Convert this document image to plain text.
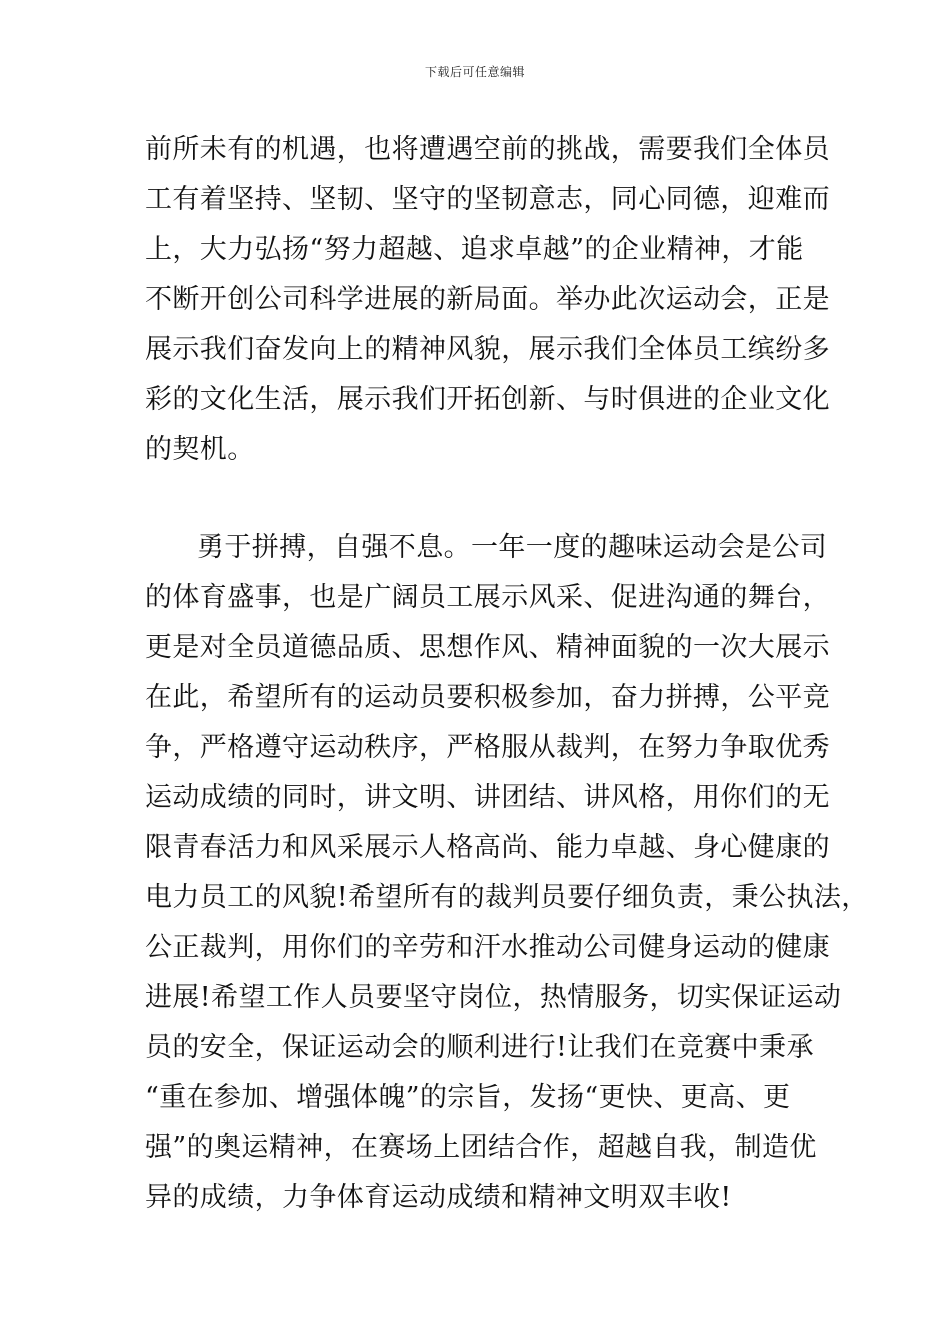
下载后可任意编辑
前所未有的机遇，也将遭遇空前的挑战，需要我们全体员
工有着坚持、坚韧、坚守的坚韧意志，同心同德，迎难而
上，大力弘扬“努力超越、追求卓越”的企业精神，才能
不断开创公司科学进展的新局面。举办此次运动会，正是
展示我们奋发向上的精神风貌，展示我们全体员工缤纷多
彩的文化生活，展示我们开拓创新、与时俱进的企业文化
的契机。
勇于拼搏，自强不息。一年一度的趣味运动会是公司
的体育盛事，也是广阔员工展示风采、促进沟通的舞台，
更是对全员道德品质、思想作风、精神面貌的一次大展示
在此，希望所有的运动员要积极参加，奋力拼搏，公平竞
争，严格遵守运动秩序，严格服从裁判，在努力争取优秀
运动成绩的同时，讲文明、讲团结、讲风格，用你们的无
限青春活力和风采展示人格高尚、能力卓越、身心健康的
电力员工的风貌!希望所有的裁判员要仔细负责，秉公执法，
公正裁判，用你们的辛劳和汗水推动公司健身运动的健康
进展!希望工作人员要坚守岗位，热情服务，切实保证运动
员的安全，保证运动会的顺利进行!让我们在竞赛中秉承
“重在参加、增强体魄”的宗旨，发扬“更快、更高、更
强”的奥运精神，在赛场上团结合作，超越自我，制造优
异的成绩，力争体育运动成绩和精神文明双丰收!
